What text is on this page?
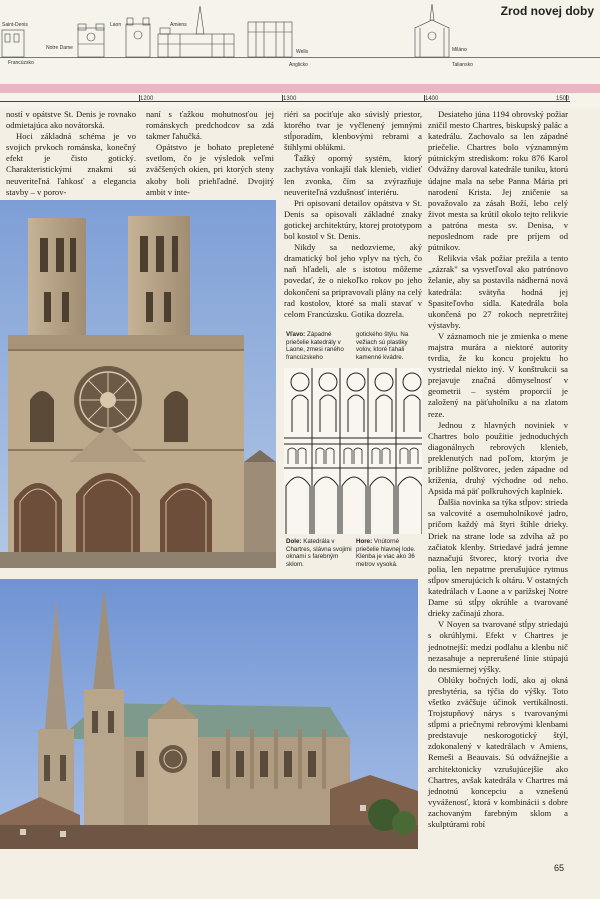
Zrod novej doby
1200	1300	1400	1500
Saint-Denis	Laon	Amiens
Notre Dame
Francúzsko
Wells
Anglicko
Miláno
Taliansko

ností v opátstve St. Denis je rovnako odmietajúca ako novátorská.

Hoci základná schéma je vo svojich prvkoch románska, konečný efekt je čisto gotický. Charakteristickými znakmi sú neuveriteľná ľahkosť a elegancia stavby – v porov-

naní s ťažkou mohutnosťou jej románskych predchodcov sa zdá takmer ľahučká.

Opátstvo je bohato prepletené svetlom, čo je výsledok veľmi zväčšených okien, pri ktorých steny akoby boli priehľadné. Dvojitý ambit v inte-

riéri sa pociťuje ako súvislý priestor, ktorého tvar je vyčlenený jemnými stĺporadím, klenbovými rebrami a štíhlymi oblúkmi.

Ťažký oporný systém, ktorý zachytáva vonkajší tlak klenieb, vidieť len zvonka, čím sa zvýrazňuje neuveriteľná vzdušnosť interiéru.

Pri opisovaní detailov opátstva v St. Denis sa opisovali základné znaky gotickej architektúry, ktorej prototypom bol kostol v St. Denis.

Nikdy sa nedozvieme, aký dramatický bol jeho vplyv na tých, čo naň hľadeli, ale s istotou môžeme povedať, že o niekoľko rokov po jeho dokončení sa pripravovali plány na celý rad kostolov, ktoré sa mali stavať v celom Francúzsku. Gotika dozrela.

Desiateho júna 1194 obrovský požiar zničil mesto Chartres, biskupský palác a katedrálu. Zachovalo sa len západné priečelie. Chartres bolo významným pútnickým strediskom: roku 876 Karol Odvážny daroval katedrále tuniku, ktorú údajne mala na sebe Panna Mária pri narodení Krista. Jej zničenie sa považovalo za zásah Boží, lebo celý život mesta sa krútil okolo tejto relikvie a patróna mesta sv. Denisa, v neposlednom rade pre príjem od pútnikov.

Relikvia však požiar prežila a tento „zázrak" sa vysvetľoval ako patrónovo želanie, aby sa postavila nádherná nová katedrála: svätyňa hodná jej Spasiteľovho sídla. Katedrála bola ukončená po 27 rokoch nepretržitej výstavby.

V záznamoch nie je zmienka o mene majstra murára a niektoré autority tvrdia, že ku koncu projektu ho vystriedal niekto iný. V konštrukcii sa prejavuje značná dômyselnosť v geometrii – systém proporcií je založený na päťuholníku a na zlatom reze.

Jednou z hlavných noviniek v Chartres bolo použitie jednoduchých diagonálnych rebrových klenieb, preklenutých nad poľom, ktorým je približne polštvorec, jeden západne od kríženia, druhý východne od neho. Apsida má päť polkruhových kaplniek.

Ďalšia novinka sa týka stĺpov: strieda sa valcovité a osemuholníkové jadro, pričom každý má štyri štíhle drieky. Driek na strane lode sa zdvíha až po začiatok klenby. Striedavé jadrá jemne naznačujú štvorec, ktorý tvoria dve polia, len nepatrne prerušujúce rytmus stĺpov smerujúcich k oltáru. V ostatných katedrálach v Laone a v parížskej Notre Dame sú stĺpy okrúhle a tvarované drieky začínajú zhora.

V Noyen sa tvarované stĺpy striedajú s okrúhlymi. Efekt v Chartres je jednotnejší: medzi podlahu a klenbu nič nezasahuje a neprerušené línie stúpajú do nesmiernej výšky.

Oblúky bočných lodí, ako aj okná presbytéria, sa týčia do výšky. Toto všetko zväčšuje účinok vertikálnosti. Trojstupňový nárys s tvarovanými stĺpmi a priečnymi rebrovými klenbami predstavuje neskorogotický štýl, zdokonalený v katedrálach v Amiens, Remeši a Beauvais. Sú odvážnejšie a architektonicky vzrušujúcejšie ako Chartres, avšak katedrála v Chartres má jednotnú koncepciu a vznešenú vyváženosť, ktorá v kombinácii s dobre zachovaným farebným sklom a skulptúrami robí

Vľavo: Západné priečelie katedrály v Laone, zmesi raného francúzskeho
gotického štýlu. Na vežiach sú plastiky volov, ktoré ťahali kamenné kvádre.
Dole: Katedrála v Chartres, slávna svojimi oknami s farebným sklom.
Hore: Vnútorné priečelie hlavnej lode. Klenba je viac ako 36 metrov vysoká.
65
